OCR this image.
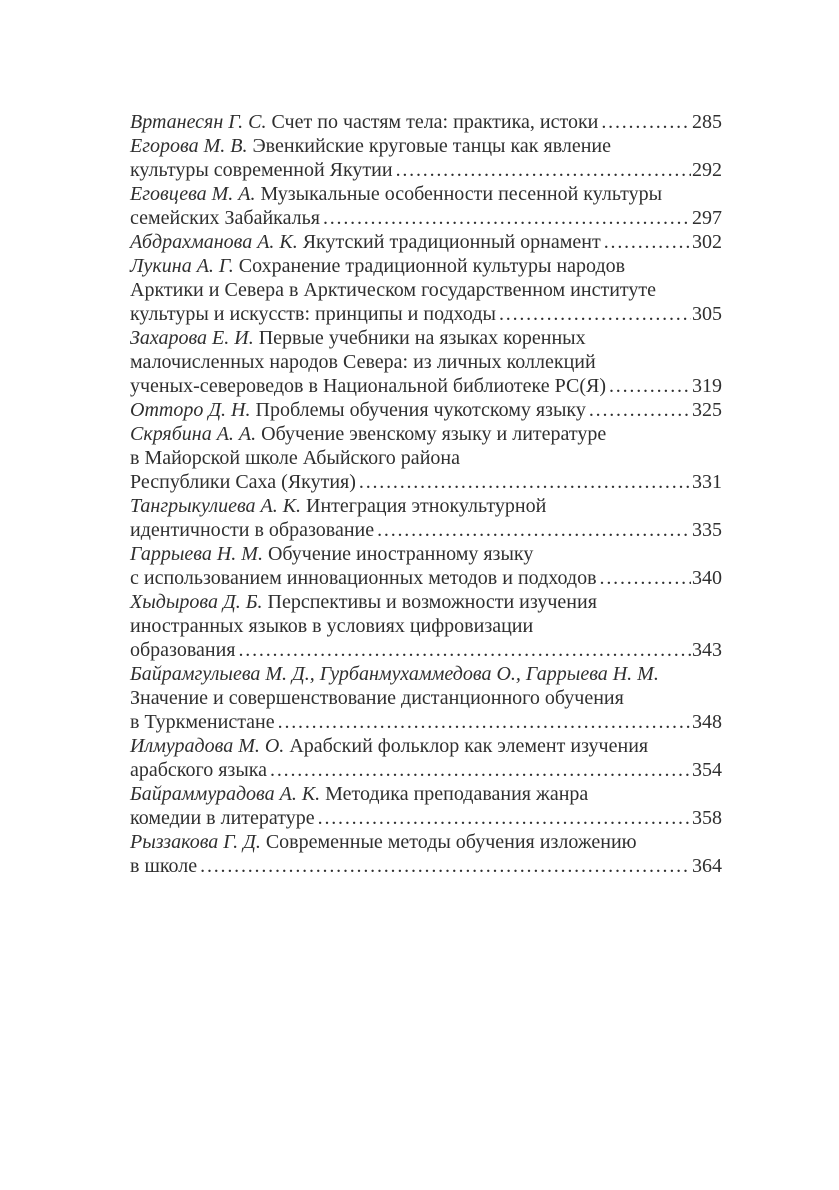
Вртанесян Г. С. Счет по частям тела: практика, истоки .....	285
Егорова М. В. Эвенкийские круговые танцы как явление
культуры современной Якутии .....	292
Еговцева М. А. Музыкальные особенности песенной культуры
семейских Забайкалья .....	297
Абдрахманова А. К. Якутский традиционный орнамент .....	302
Лукина А. Г. Сохранение традиционной культуры народов
Арктики и Севера в Арктическом государственном институте
культуры и искусств: принципы и подходы .....	305
Захарова Е. И. Первые учебники на языках коренных
малочисленных народов Севера: из личных коллекций
ученых-североведов в Национальной библиотеке РС(Я) .....	319
Отторо Д. Н. Проблемы обучения чукотскому языку .....	325
Скрябина А. А. Обучение эвенскому языку и литературе
в Майорской школе Абыйского района
Республики Саха (Якутия) .....	331
Тангрыкулиева А. К. Интеграция этнокультурной
идентичности в образование .....	335
Гаррыева Н. М. Обучение иностранному языку
с использованием инновационных методов и подходов .....	340
Хыдырова Д. Б. Перспективы и возможности изучения
иностранных языков в условиях цифровизации
образования .....	343
Байрамгулыева М. Д., Гурбанмухаммедова О., Гаррыева Н. М.
Значение и совершенствование дистанционного обучения
в Туркменистане .....	348
Илмурадова М. О. Арабский фольклор как элемент изучения
арабского языка .....	354
Байраммурадова А. К. Методика преподавания жанра
комедии в литературе .....	358
Рыззакова Г. Д. Современные методы обучения изложению
в школе .....	364
